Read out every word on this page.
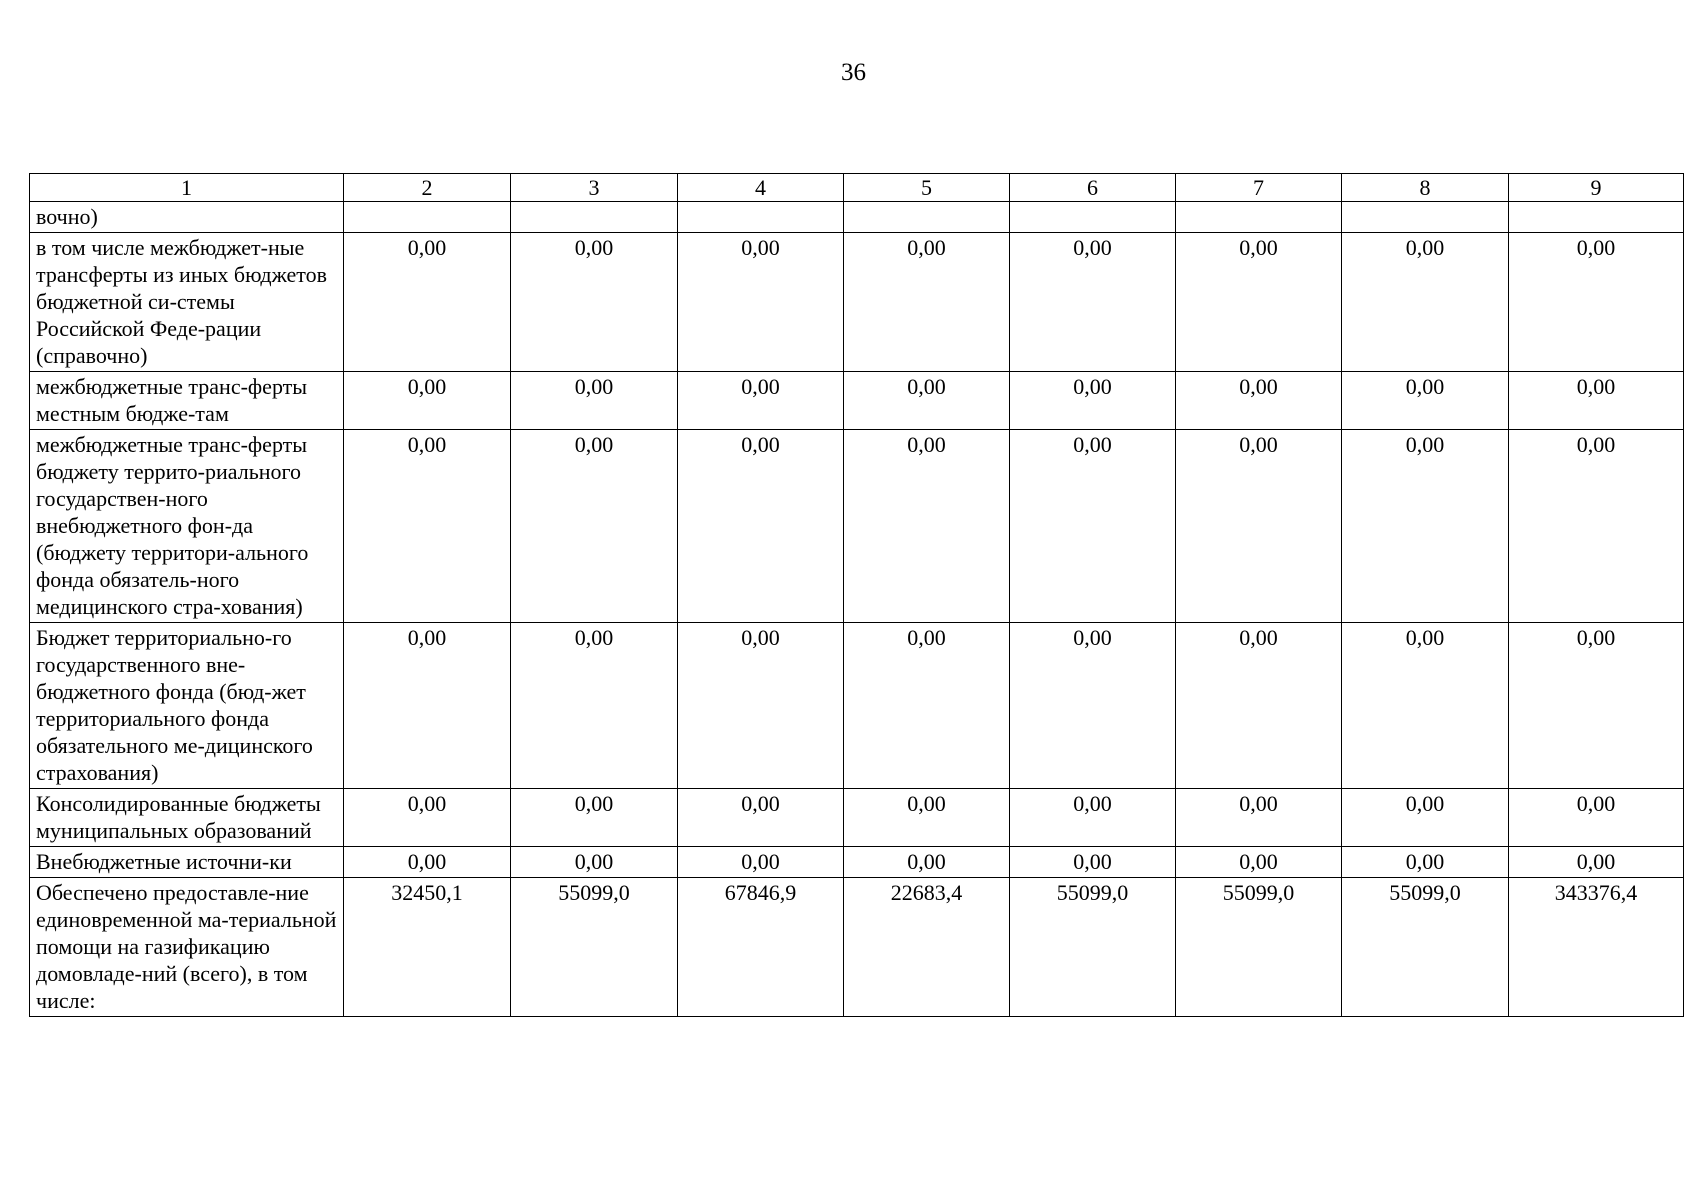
36
1	2	3	4	5	6	7	8	9
вочно)								
в том числе межбюджет-ные трансферты из иных бюджетов бюджетной си-стемы Российской Феде-рации (справочно)	0,00	0,00	0,00	0,00	0,00	0,00	0,00	0,00
межбюджетные транс-ферты местным бюдже-там	0,00	0,00	0,00	0,00	0,00	0,00	0,00	0,00
межбюджетные транс-ферты бюджету террито-риального государствен-ного внебюджетного фон-да (бюджету территори-ального фонда обязатель-ного медицинского стра-хования)	0,00	0,00	0,00	0,00	0,00	0,00	0,00	0,00
Бюджет территориально-го государственного вне-бюджетного фонда (бюд-жет территориального фонда обязательного ме-дицинского страхования)	0,00	0,00	0,00	0,00	0,00	0,00	0,00	0,00
Консолидированные бюджеты муниципальных образований	0,00	0,00	0,00	0,00	0,00	0,00	0,00	0,00
Внебюджетные источни-ки	0,00	0,00	0,00	0,00	0,00	0,00	0,00	0,00
Обеспечено предоставле-ние единовременной ма-териальной помощи на газификацию домовладе-ний (всего), в том числе:	32450,1	55099,0	67846,9	22683,4	55099,0	55099,0	55099,0	343376,4
